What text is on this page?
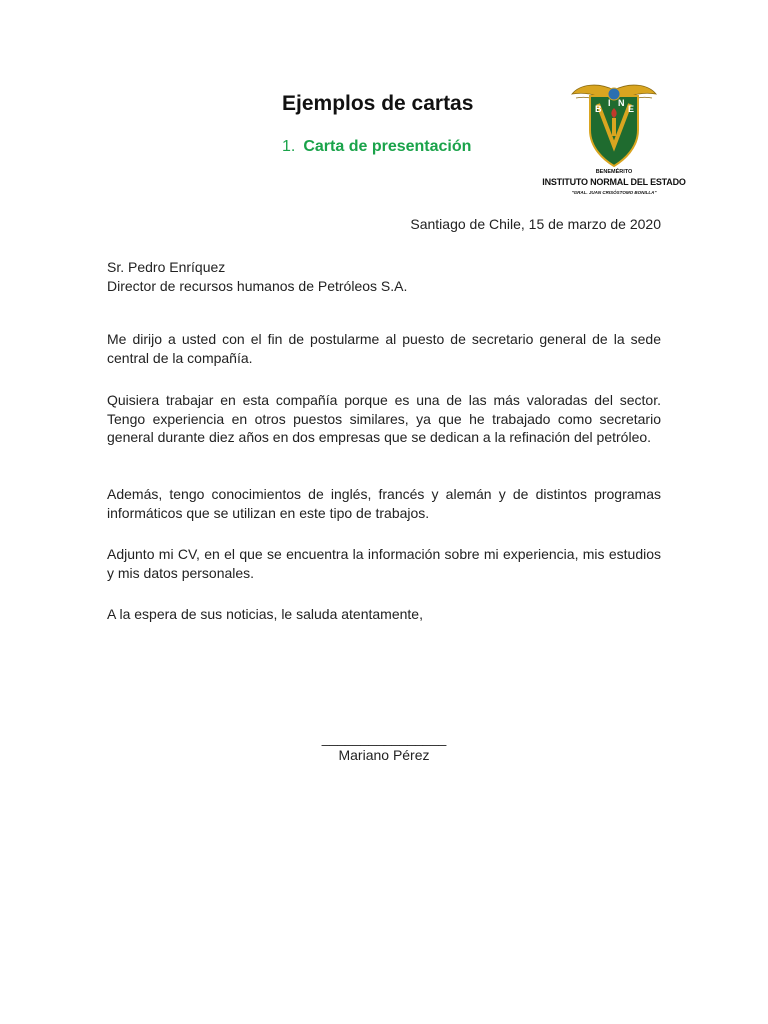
Ejemplos de cartas
1. Carta de presentación
B
I N
E
BENEMÉRITO
INSTITUTO NORMAL DEL ESTADO
"GRAL. JUAN CRISÓSTOMO BONILLA"

Santiago de Chile, 15 de marzo de 2020

Sr. Pedro Enríquez
Director de recursos humanos de Petróleos S.A.

Me dirijo a usted con el fin de postularme al puesto de secretario general de la sede central de la compañía.

Quisiera trabajar en esta compañía porque es una de las más valoradas del sector. Tengo experiencia en otros puestos similares, ya que he trabajado como secretario general durante diez años en dos empresas que se dedican a la refinación del petróleo.

Además, tengo conocimientos de inglés, francés y alemán y de distintos programas informáticos que se utilizan en este tipo de trabajos.

Adjunto mi CV, en el que se encuentra la información sobre mi experiencia, mis estudios y mis datos personales.

A la espera de sus noticias, le saluda atentamente,

________________
Mariano Pérez
